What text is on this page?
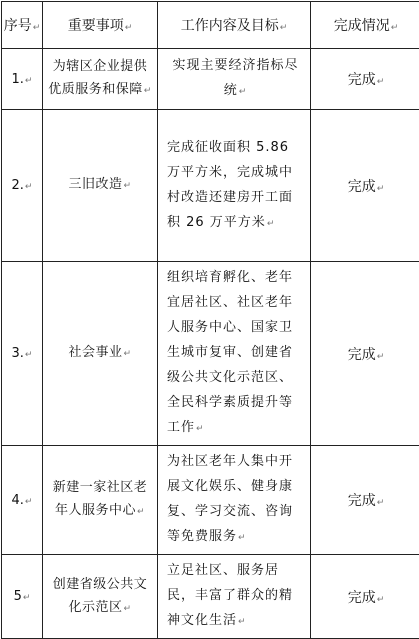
序号↵	重要事项↵	工作内容及目标↵	完成情况↵
1.↵	为辖区企业提供优质服务和保障↵	实现主要经济指标尽统↵	完成↵
2.↵	三旧改造↵	完成征收面积 5.86 万平方米，完成城中村改造还建房开工面积 26 万平方米↵	完成↵
3.↵	社会事业↵	组织培育孵化、老年宜居社区、社区老年人服务中心、国家卫生城市复审、创建省级公共文化示范区、全民科学素质提升等工作↵	完成↵
4.↵	新建一家社区老年人服务中心↵	为社区老年人集中开展文化娱乐、健身康复、学习交流、咨询等免费服务↵	完成↵
5↵	创建省级公共文化示范区↵	立足社区、服务居民，丰富了群众的精神文化生活↵	完成↵
